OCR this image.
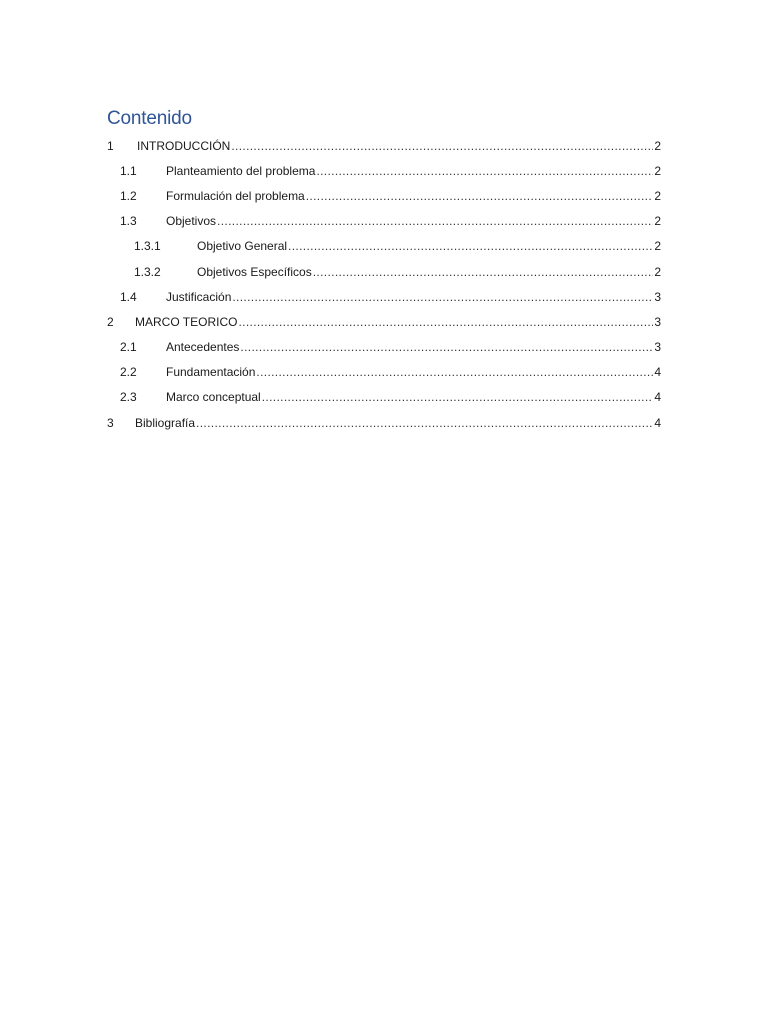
Contenido
1	INTRODUCCIÓN .....	2
1.1	Planteamiento del problema .....	2
1.2	Formulación del problema .....	2
1.3	Objetivos .....	2
1.3.1	Objetivo General .....	2
1.3.2	Objetivos Específicos .....	2
1.4	Justificación .....	3
2	MARCO TEORICO .....	3
2.1	Antecedentes .....	3
2.2	Fundamentación .....	4
2.3	Marco conceptual .....	4
3	Bibliografía .....	4
